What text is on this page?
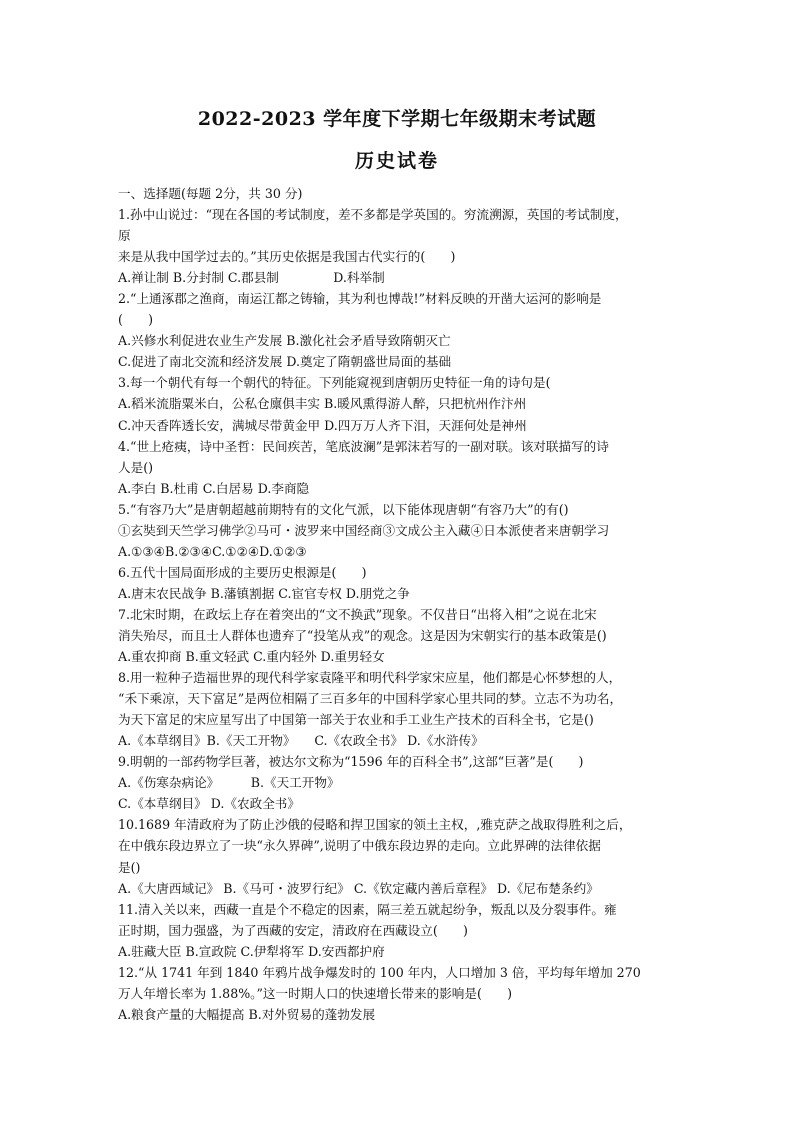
2022-2023 学年度下学期七年级期末考试题
历史试卷
一、选择题(每题 2分，共 30 分)
1.孙中山说过：“现在各国的考试制度，差不多都是学英国的。穷流溯源，英国的考试制度，
原
来是从我中国学过去的。”其历史依据是我国古代实行的(　　)
A.禅让制 B.分封制 C.郡县制　　　　 D.科举制
2.“上通涿郡之渔商，南运江都之铸输，其为利也博哉!”材料反映的开凿大运河的影响是
(　　)
A.兴修水利促进农业生产发展 B.激化社会矛盾导致隋朝灭亡
C.促进了南北交流和经济发展 D.奠定了隋朝盛世局面的基础
3.每一个朝代有每一个朝代的特征。下列能窥视到唐朝历史特征一角的诗句是(
A.稻米流脂粟米白，公私仓廪俱丰实 B.暖风熏得游人醉，只把杭州作汴州
C.冲天香阵透长安，满城尽带黄金甲 D.四万万人齐下泪，天涯何处是神州
4.“世上疮痍，诗中圣哲：民间疾苦，笔底波澜”是郭沫若写的一副对联。该对联描写的诗
人是()
A.李白 B.杜甫 C.白居易 D.李商隐
5.“有容乃大”是唐朝超越前期特有的文化气派，以下能体现唐朝“有容乃大”的有()
①玄奘到天竺学习佛学②马可・波罗来中国经商③文成公主入藏④日本派使者来唐朝学习
A.①③④B.②③④C.①②④D.①②③
6.五代十国局面形成的主要历史根源是(　　)
A.唐末农民战争 B.藩镇割据 C.宦官专权 D.朋党之争
7.北宋时期，在政坛上存在着突出的“文不换武”现象。不仅昔日“出将入相”之说在北宋
消失殆尽，而且士人群体也遗弃了“投笔从戎”的观念。这是因为宋朝实行的基本政策是()
A.重农抑商 B.重文轻武 C.重内轻外 D.重男轻女
8.用一粒种子造福世界的现代科学家袁隆平和明代科学家宋应星，他们都是心怀梦想的人，
“禾下乘凉，天下富足”是两位相隔了三百多年的中国科学家心里共同的梦。立志不为功名，
为天下富足的宋应星写出了中国第一部关于农业和手工业生产技术的百科全书，它是()
A.《本草纲目》B.《天工开物》　　C.《农政全书》 D.《水浒传》
9.明朝的一部药物学巨著，被达尔文称为“1596 年的百科全书”,这部“巨著”是(　　)
A.《伤寒杂病论》　　　B.《天工开物》
C.《本草纲目》 D.《农政全书》
10.1689 年清政府为了防止沙俄的侵略和捍卫国家的领土主权，,雅克萨之战取得胜利之后，
在中俄东段边界立了一块“永久界碑”,说明了中俄东段边界的走向。立此界碑的法律依据
是()
A.《大唐西域记》 B.《马可・波罗行纪》 C.《钦定藏内善后章程》 D.《尼布楚条约》
11.清入关以来，西藏一直是个不稳定的因素，隔三差五就起纷争，叛乱以及分裂事件。雍
正时期，国力强盛，为了西藏的安定，清政府在西藏设立(　　)
A.驻藏大臣 B.宣政院 C.伊犁将军 D.安西都护府
12.“从 1741 年到 1840 年鸦片战争爆发时的 100 年内，人口增加 3 倍，平均每年增加 270
万人年增长率为 1.88%。”这一时期人口的快速增长带来的影响是(　　)
A.粮食产量的大幅提高 B.对外贸易的蓬勃发展
